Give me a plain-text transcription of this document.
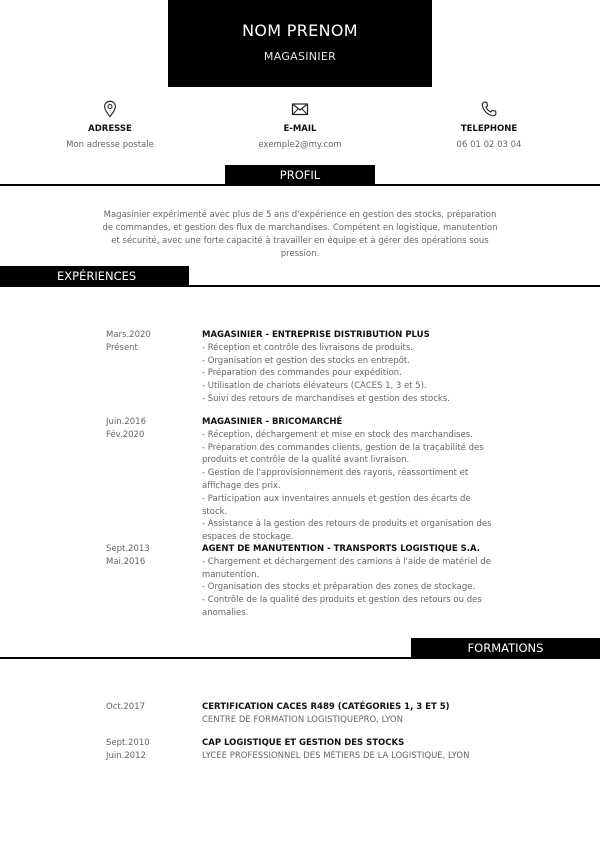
NOM PRENOM
MAGASINIER
ADRESSE
Mon adresse postale
E-MAIL
exemple2@my.com
TELEPHONE
06 01 02 03 04
PROFIL
Magasinier expérimenté avec plus de 5 ans d'expérience en gestion des stocks, préparation de commandes, et gestion des flux de marchandises. Compétent en logistique, manutention et sécurité, avec une forte capacité à travailler en équipe et à gérer des opérations sous pression.
EXPÉRIENCES
Mars.2020
Présent
MAGASINIER - ENTREPRISE DISTRIBUTION PLUS
- Réception et contrôle des livraisons de produits.
- Organisation et gestion des stocks en entrepôt.
- Préparation des commandes pour expédition.
- Utilisation de chariots élévateurs (CACES 1, 3 et 5).
- Suivi des retours de marchandises et gestion des stocks.
Juin.2016
Fév.2020
MAGASINIER - BRICOMARCHÉ
- Réception, déchargement et mise en stock des marchandises.
- Préparation des commandes clients, gestion de la traçabilité des produits et contrôle de la qualité avant livraison.
- Gestion de l'approvisionnement des rayons, réassortiment et affichage des prix.
- Participation aux inventaires annuels et gestion des écarts de stock.
- Assistance à la gestion des retours de produits et organisation des espaces de stockage.
Sept.2013
Mai.2016
AGENT DE MANUTENTION - TRANSPORTS LOGISTIQUE S.A.
- Chargement et déchargement des camions à l'aide de matériel de manutention.
- Organisation des stocks et préparation des zones de stockage.
- Contrôle de la qualité des produits et gestion des retours ou des anomalies.
FORMATIONS
Oct.2017	CERTIFICATION CACES R489 (CATÉGORIES 1, 3 ET 5)
CENTRE DE FORMATION LOGISTIQUEPRO, LYON
Sept.2010
Juin.2012
CAP LOGISTIQUE ET GESTION DES STOCKS
LYCÉE PROFESSIONNEL DES MÉTIERS DE LA LOGISTIQUE, LYON
